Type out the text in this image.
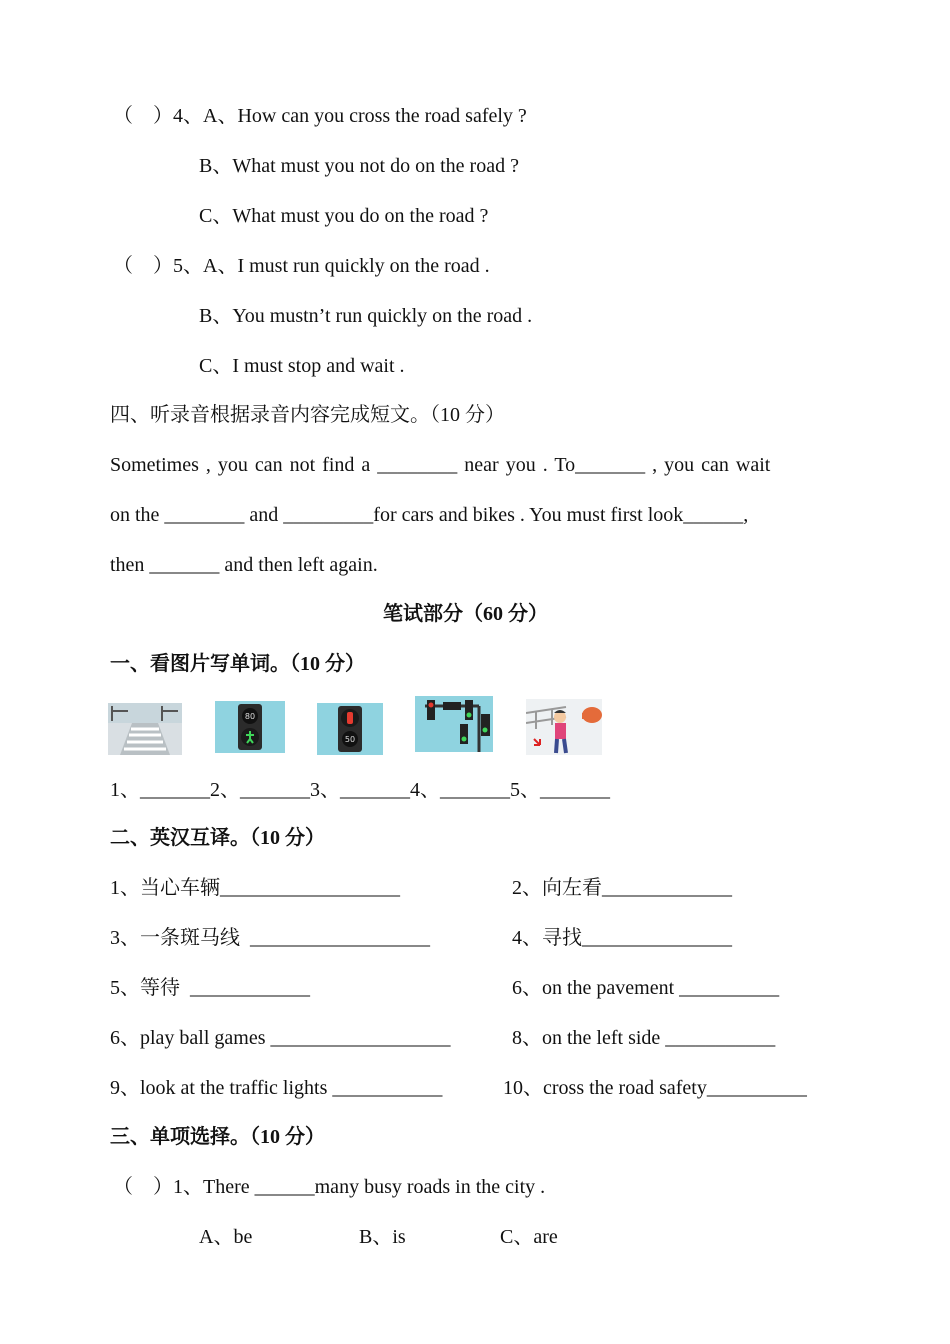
（    ）4、A、How can you cross the road safely ?
B、What must you not do on the road ?
C、What must you do on the road ?
（    ）5、A、I must run quickly on the road .
B、You mustn’t run quickly on the road .
C、I must stop and wait .
四、听录音根据录音内容完成短文。（10 分）
Sometimes , you can not find a ________ near you . To_______ , you can wait
on the ________ and _________for cars and bikes . You must first look______,
then _______ and then left again.
笔试部分（60 分）
一、看图片写单词。（10 分）
80
50
1、_______2、_______3、_______4、_______5、_______
二、英汉互译。（10 分）
1、当心车辆__________________	2、向左看_____________
3、一条斑马线  __________________	4、寻找_______________
5、等待  ____________	6、on the pavement __________
6、play ball games __________________	8、on the left side ___________
9、look at the traffic lights ___________	10、cross the road safety__________
三、单项选择。（10 分）
（    ）1、There ______many busy roads in the city .
A、be	B、is	C、are
